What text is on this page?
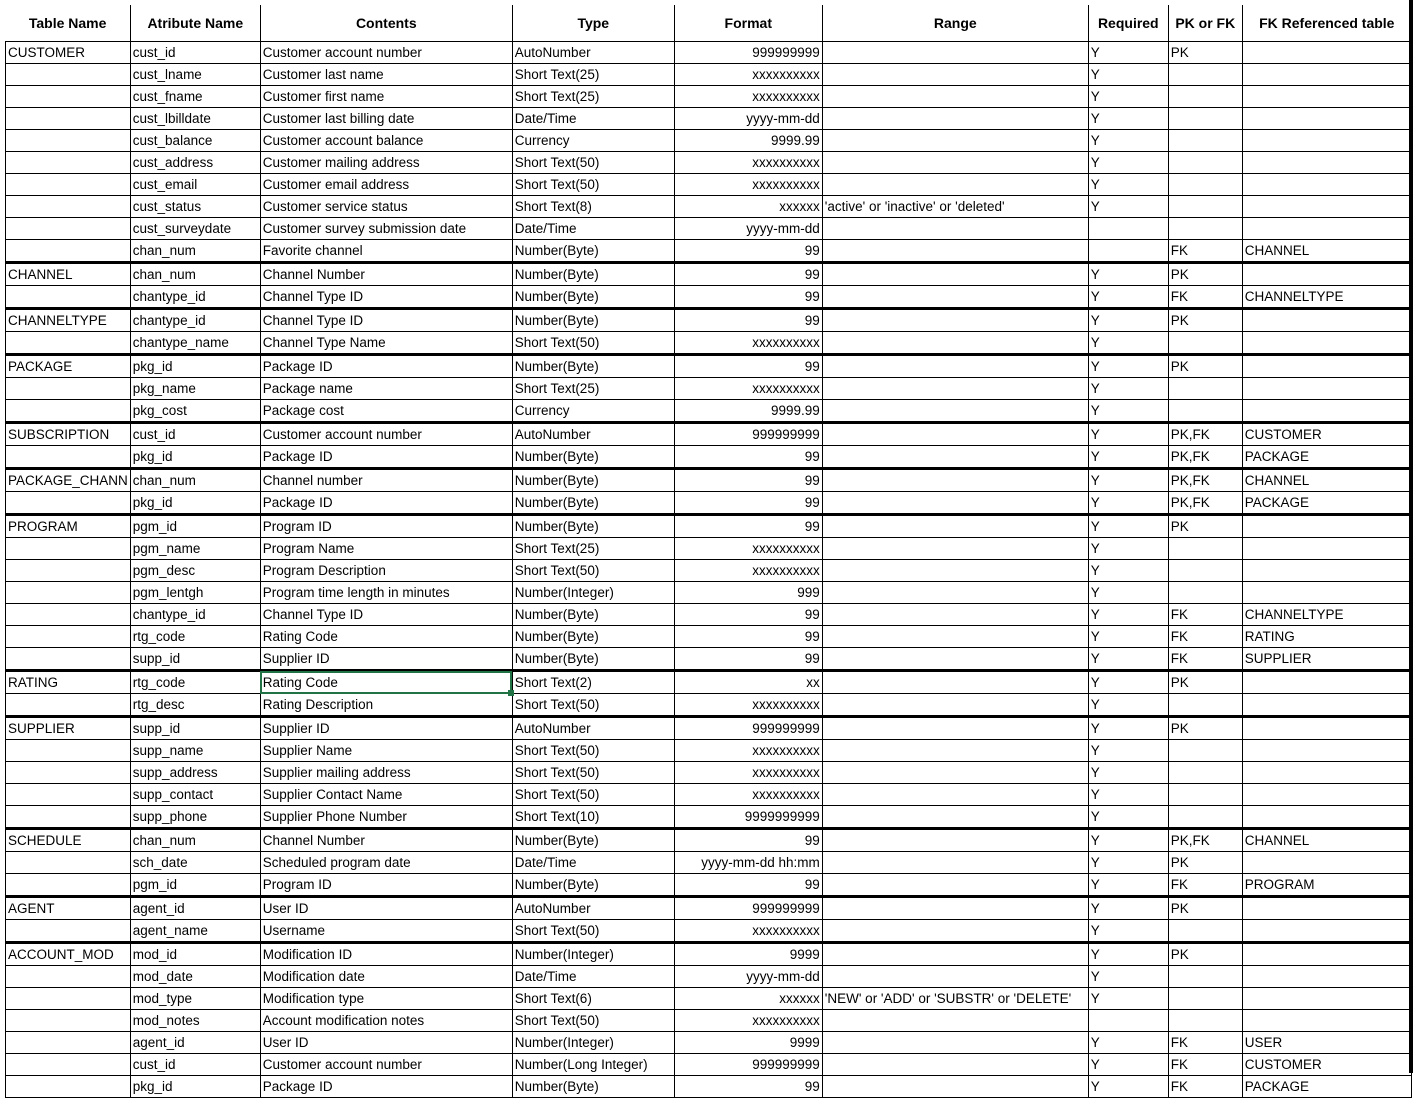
Table Name	Atribute Name	Contents	Type	Format	Range	Required	PK or FK	FK Referenced table
CUSTOMER	cust_id	Customer account number	AutoNumber	999999999		Y	PK	
	cust_lname	Customer last name	Short Text(25)	xxxxxxxxxx		Y		
	cust_fname	Customer first name	Short Text(25)	xxxxxxxxxx		Y		
	cust_lbilldate	Customer last billing date	Date/Time	yyyy-mm-dd		Y		
	cust_balance	Customer account balance	Currency	9999.99		Y		
	cust_address	Customer mailing address	Short Text(50)	xxxxxxxxxx		Y		
	cust_email	Customer email address	Short Text(50)	xxxxxxxxxx		Y		
	cust_status	Customer service status	Short Text(8)	xxxxxx	'active' or 'inactive' or 'deleted'	Y		
	cust_surveydate	Customer survey submission date	Date/Time	yyyy-mm-dd				
	chan_num	Favorite channel	Number(Byte)	99			FK	CHANNEL
CHANNEL	chan_num	Channel Number	Number(Byte)	99		Y	PK	
	chantype_id	Channel Type ID	Number(Byte)	99		Y	FK	CHANNELTYPE
CHANNELTYPE	chantype_id	Channel Type ID	Number(Byte)	99		Y	PK	
	chantype_name	Channel Type Name	Short Text(50)	xxxxxxxxxx		Y		
PACKAGE	pkg_id	Package ID	Number(Byte)	99		Y	PK	
	pkg_name	Package name	Short Text(25)	xxxxxxxxxx		Y		
	pkg_cost	Package cost	Currency	9999.99		Y		
SUBSCRIPTION	cust_id	Customer account number	AutoNumber	999999999		Y	PK,FK	CUSTOMER
	pkg_id	Package ID	Number(Byte)	99		Y	PK,FK	PACKAGE
PACKAGE_CHANN	chan_num	Channel number	Number(Byte)	99		Y	PK,FK	CHANNEL
	pkg_id	Package ID	Number(Byte)	99		Y	PK,FK	PACKAGE
PROGRAM	pgm_id	Program ID	Number(Byte)	99		Y	PK	
	pgm_name	Program Name	Short Text(25)	xxxxxxxxxx		Y		
	pgm_desc	Program Description	Short Text(50)	xxxxxxxxxx		Y		
	pgm_lentgh	Program time length in minutes	Number(Integer)	999		Y		
	chantype_id	Channel Type ID	Number(Byte)	99		Y	FK	CHANNELTYPE
	rtg_code	Rating Code	Number(Byte)	99		Y	FK	RATING
	supp_id	Supplier ID	Number(Byte)	99		Y	FK	SUPPLIER
RATING	rtg_code	Rating Code	Short Text(2)	xx		Y	PK	
	rtg_desc	Rating Description	Short Text(50)	xxxxxxxxxx		Y		
SUPPLIER	supp_id	Supplier ID	AutoNumber	999999999		Y	PK	
	supp_name	Supplier Name	Short Text(50)	xxxxxxxxxx		Y		
	supp_address	Supplier mailing address	Short Text(50)	xxxxxxxxxx		Y		
	supp_contact	Supplier Contact Name	Short Text(50)	xxxxxxxxxx		Y		
	supp_phone	Supplier Phone Number	Short Text(10)	9999999999		Y		
SCHEDULE	chan_num	Channel Number	Number(Byte)	99		Y	PK,FK	CHANNEL
	sch_date	Scheduled program date	Date/Time	yyyy-mm-dd hh:mm		Y	PK	
	pgm_id	Program ID	Number(Byte)	99		Y	FK	PROGRAM
AGENT	agent_id	User ID	AutoNumber	999999999		Y	PK	
	agent_name	Username	Short Text(50)	xxxxxxxxxx		Y		
ACCOUNT_MOD	mod_id	Modification ID	Number(Integer)	9999		Y	PK	
	mod_date	Modification date	Date/Time	yyyy-mm-dd		Y		
	mod_type	Modification type	Short Text(6)	xxxxxx	'NEW' or 'ADD' or 'SUBSTR' or 'DELETE'	Y		
	mod_notes	Account modification notes	Short Text(50)	xxxxxxxxxx				
	agent_id	User ID	Number(Integer)	9999		Y	FK	USER
	cust_id	Customer account number	Number(Long Integer)	999999999		Y	FK	CUSTOMER
	pkg_id	Package ID	Number(Byte)	99		Y	FK	PACKAGE
